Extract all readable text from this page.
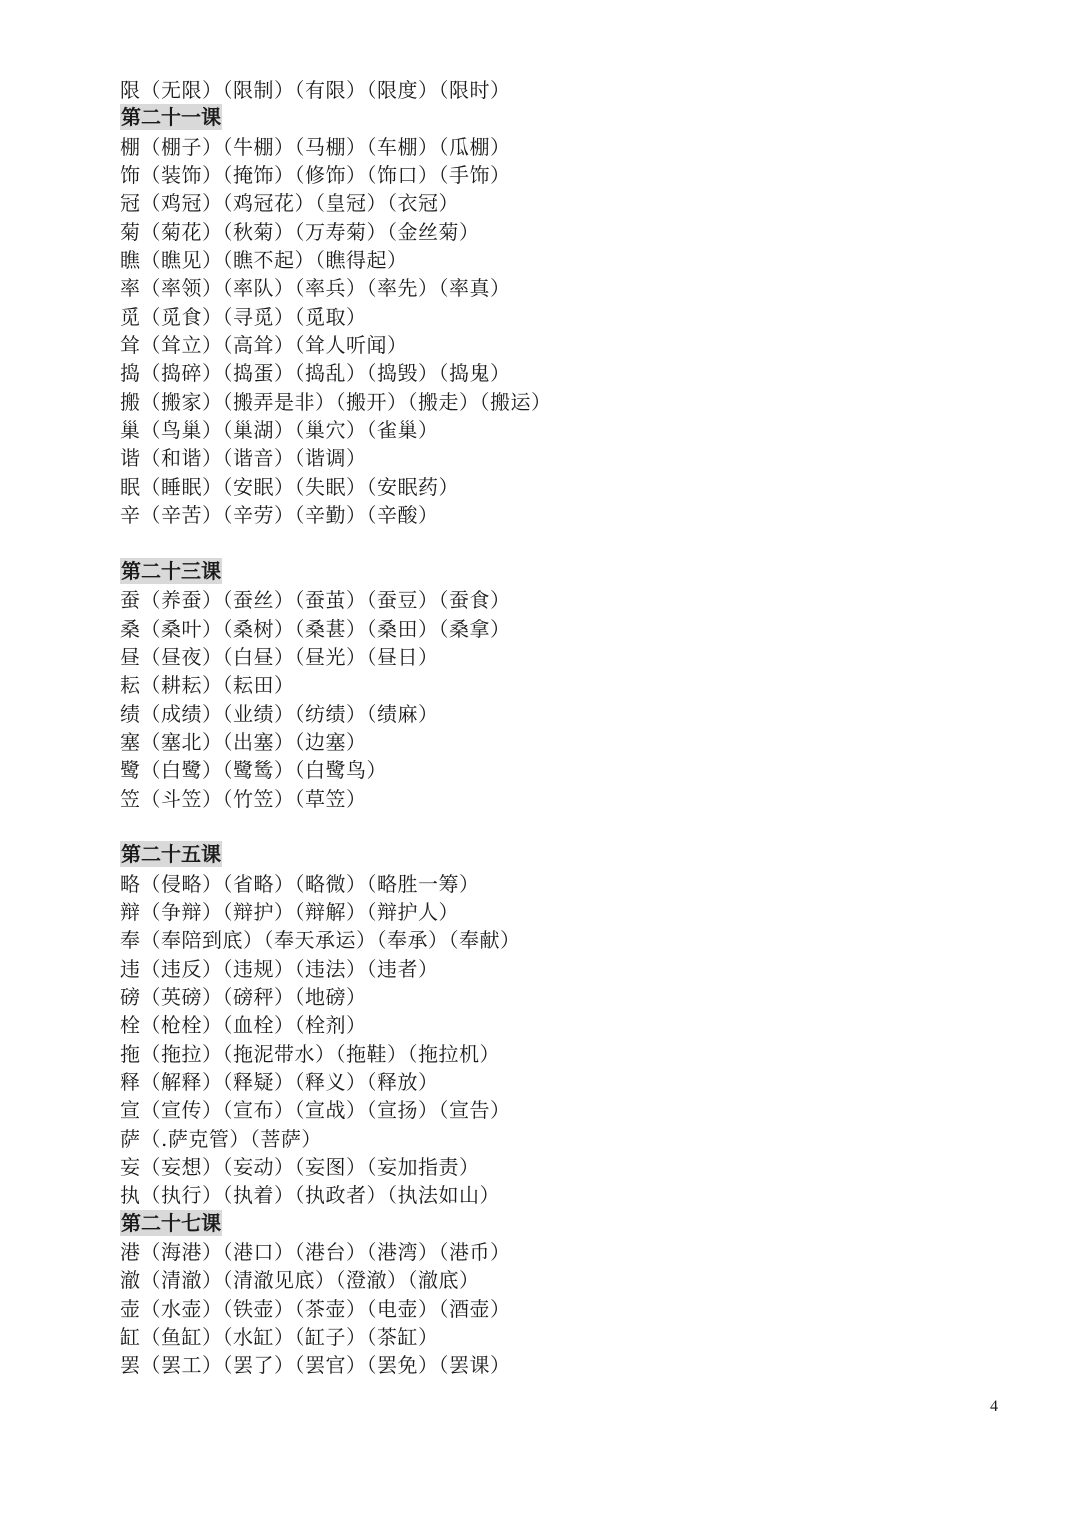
限（无限）（限制）（有限）（限度）（限时）
第二十一课
棚（棚子）（牛棚）（马棚）（车棚）（瓜棚）
饰（装饰）（掩饰）（修饰）（饰口）（手饰）
冠（鸡冠）（鸡冠花）（皇冠）（衣冠）
菊（菊花）（秋菊）（万寿菊）（金丝菊）
瞧（瞧见）（瞧不起）（瞧得起）
率（率领）（率队）（率兵）（率先）（率真）
觅（觅食）（寻觅）（觅取）
耸（耸立）（高耸）（耸人听闻）
捣（捣碎）（捣蛋）（捣乱）（捣毁）（捣鬼）
搬（搬家）（搬弄是非）（搬开）（搬走）（搬运）
巢（鸟巢）（巢湖）（巢穴）（雀巢）
谐（和谐）（谐音）（谐调）
眠（睡眠）（安眠）（失眠）（安眠药）
辛（辛苦）（辛劳）（辛勤）（辛酸）
第二十三课
蚕（养蚕）（蚕丝）（蚕茧）（蚕豆）（蚕食）
桑（桑叶）（桑树）（桑葚）（桑田）（桑拿）
昼（昼夜）（白昼）（昼光）（昼日）
耘（耕耘）（耘田）
绩（成绩）（业绩）（纺绩）（绩麻）
塞（塞北）（出塞）（边塞）
鹭（白鹭）（鹭鸶）（白鹭鸟）
笠（斗笠）（竹笠）（草笠）
第二十五课
略（侵略）（省略）（略微）（略胜一筹）
辩（争辩）（辩护）（辩解）（辩护人）
奉（奉陪到底）（奉天承运）（奉承）（奉献）
违（违反）（违规）（违法）（违者）
磅（英磅）（磅秤）（地磅）
栓（枪栓）（血栓）（栓剂）
拖（拖拉）（拖泥带水）（拖鞋）（拖拉机）
释（解释）（释疑）（释义）（释放）
宣（宣传）（宣布）（宣战）（宣扬）（宣告）
萨（.萨克管）（菩萨）
妄（妄想）（妄动）（妄图）（妄加指责）
执（执行）（执着）（执政者）（执法如山）
第二十七课
港（海港）（港口）（港台）（港湾）（港币）
澈（清澈）（清澈见底）（澄澈）（澈底）
壶（水壶）（铁壶）（茶壶）（电壶）（酒壶）
缸（鱼缸）（水缸）（缸子）（茶缸）
罢（罢工）（罢了）（罢官）（罢免）（罢课）
4
